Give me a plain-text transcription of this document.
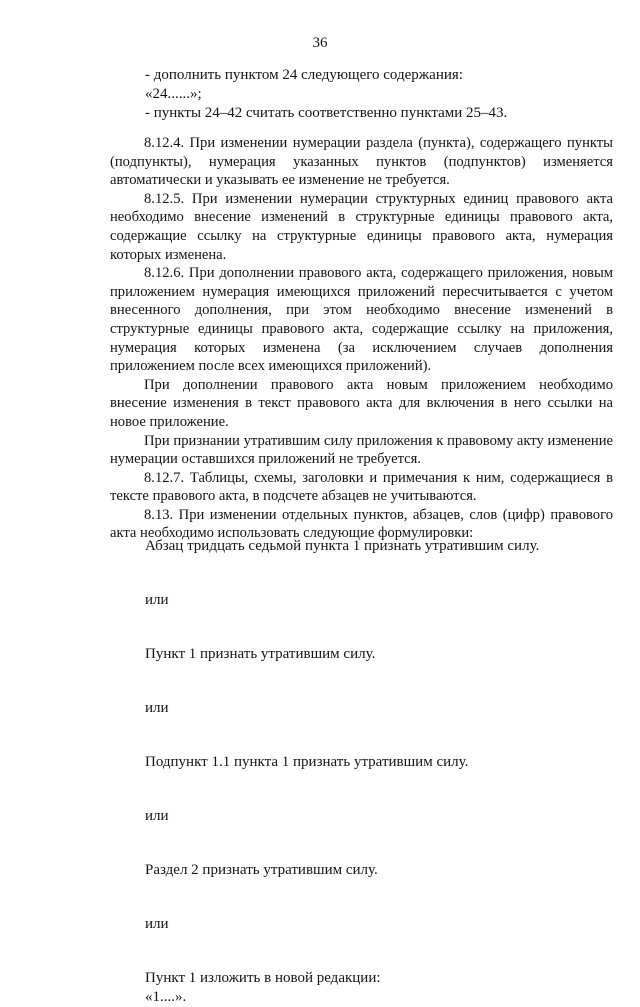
36
- дополнить пунктом 24 следующего содержания:
«24......»;
- пункты 24–42 считать соответственно пунктами 25–43.

8.12.4. При изменении нумерации раздела (пункта), содержащего пункты (подпункты), нумерация указанных пунктов (подпунктов) изменяется автоматически и указывать ее изменение не требуется.

8.12.5. При изменении нумерации структурных единиц правового акта необходимо внесение изменений в структурные единицы правового акта, содержащие ссылку на структурные единицы правового акта, нумерация которых изменена.

8.12.6. При дополнении правового акта, содержащего приложения, новым приложением нумерация имеющихся приложений пересчитывается с учетом внесенного дополнения, при этом необходимо внесение изменений в структурные единицы правового акта, содержащие ссылку на приложения, нумерация которых изменена (за исключением случаев дополнения приложением после всех имеющихся приложений).

При дополнении правового акта новым приложением необходимо внесение изменения в текст правового акта для включения в него ссылки на новое приложение.

При признании утратившим силу приложения к правовому акту изменение нумерации оставшихся приложений не требуется.

8.12.7. Таблицы, схемы, заголовки и примечания к ним, содержащиеся в тексте правового акта, в подсчете абзацев не учитываются.

8.13. При изменении отдельных пунктов, абзацев, слов (цифр) правового акта необходимо использовать следующие формулировки:

Абзац тридцать седьмой пункта 1 признать утратившим силу.
или
Пункт 1 признать утратившим силу.
или
Подпункт 1.1 пункта 1 признать утратившим силу.
или
Раздел 2 признать утратившим силу.
или
Пункт 1 изложить в новой редакции:
«1....».
